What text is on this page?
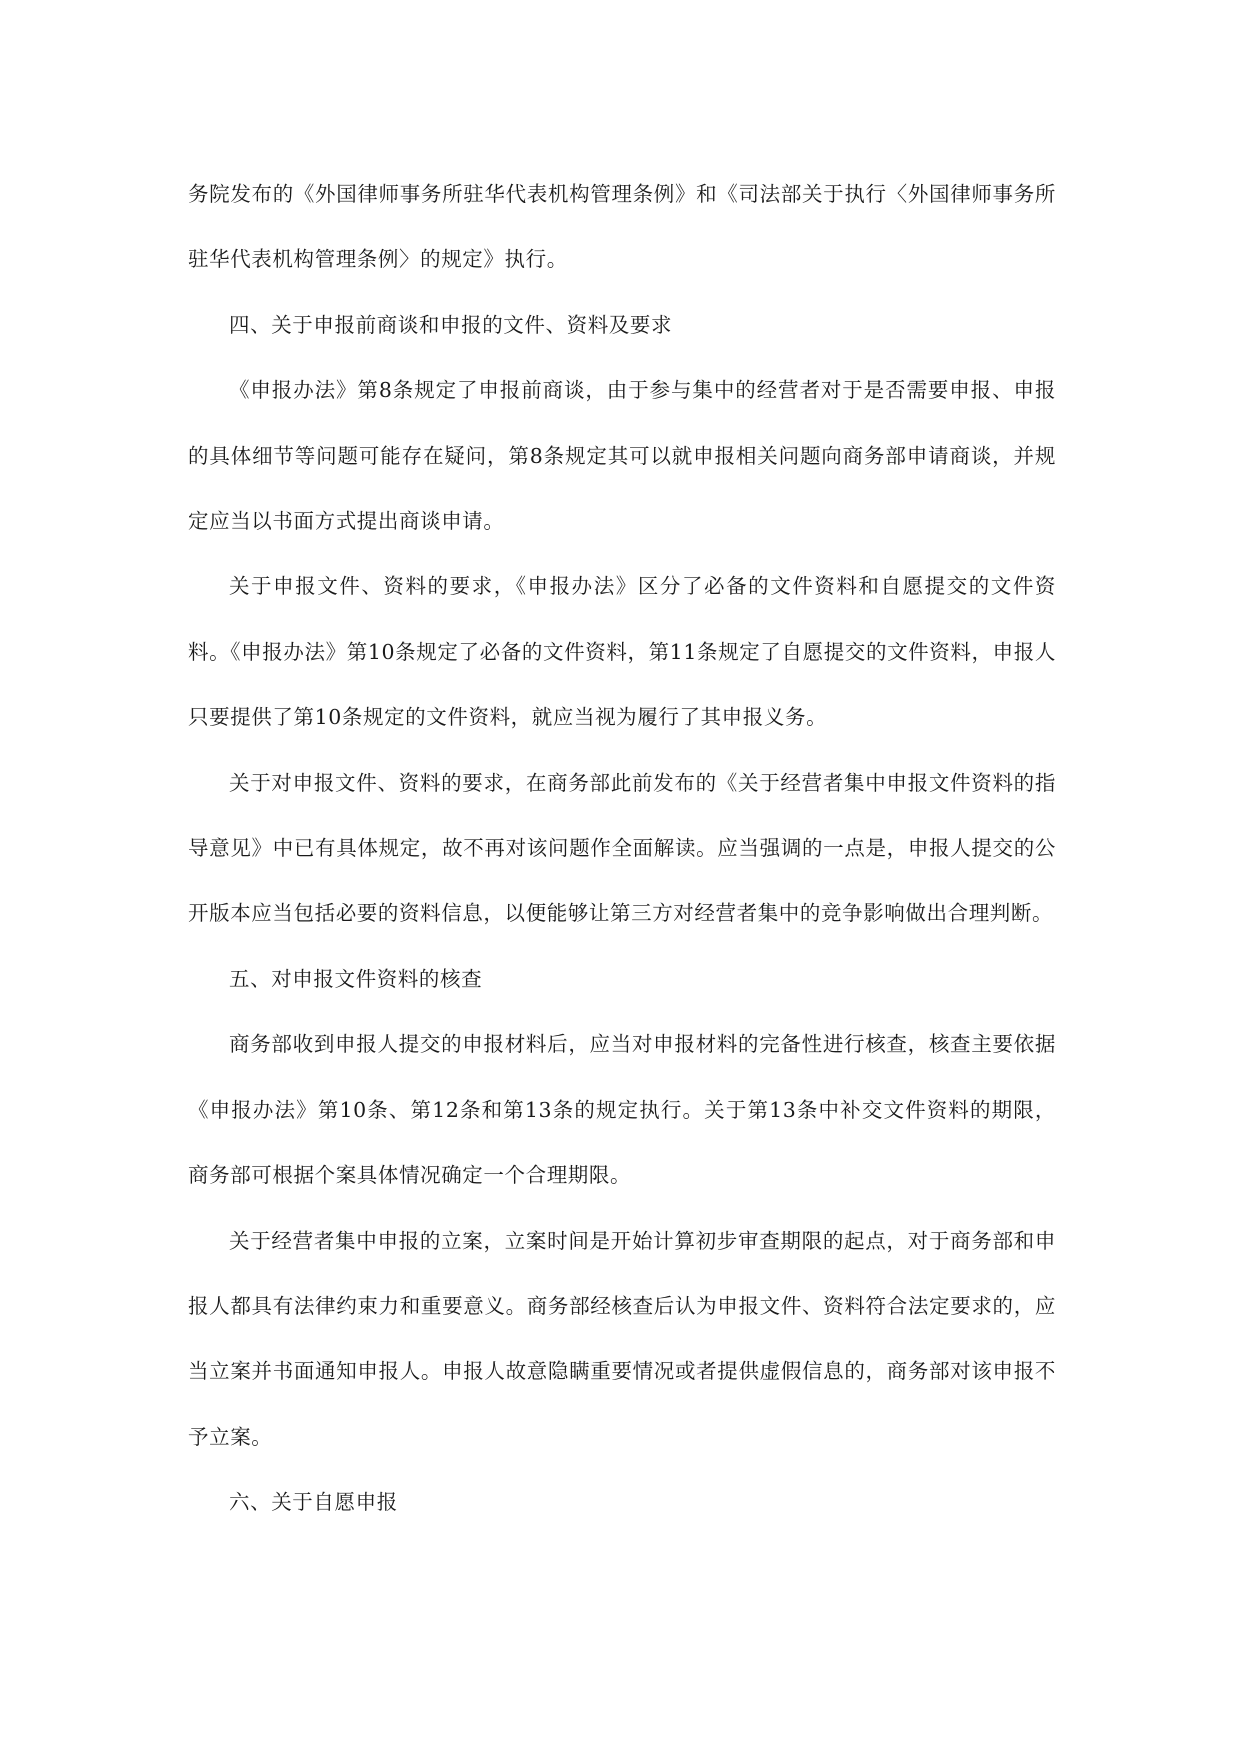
务院发布的《外国律师事务所驻华代表机构管理条例》和《司法部关于执行〈外国律师事务所驻华代表机构管理条例〉的规定》执行。

四、关于申报前商谈和申报的文件、资料及要求

《申报办法》第8条规定了申报前商谈，由于参与集中的经营者对于是否需要申报、申报的具体细节等问题可能存在疑问，第8条规定其可以就申报相关问题向商务部申请商谈，并规定应当以书面方式提出商谈申请。

关于申报文件、资料的要求，《申报办法》区分了必备的文件资料和自愿提交的文件资料。《申报办法》第10条规定了必备的文件资料，第11条规定了自愿提交的文件资料，申报人只要提供了第10条规定的文件资料，就应当视为履行了其申报义务。

关于对申报文件、资料的要求，在商务部此前发布的《关于经营者集中申报文件资料的指导意见》中已有具体规定，故不再对该问题作全面解读。应当强调的一点是，申报人提交的公开版本应当包括必要的资料信息，以便能够让第三方对经营者集中的竞争影响做出合理判断。

五、对申报文件资料的核查

商务部收到申报人提交的申报材料后，应当对申报材料的完备性进行核查，核查主要依据《申报办法》第10条、第12条和第13条的规定执行。关于第13条中补交文件资料的期限，商务部可根据个案具体情况确定一个合理期限。

关于经营者集中申报的立案，立案时间是开始计算初步审查期限的起点，对于商务部和申报人都具有法律约束力和重要意义。商务部经核查后认为申报文件、资料符合法定要求的，应当立案并书面通知申报人。申报人故意隐瞒重要情况或者提供虚假信息的，商务部对该申报不予立案。

六、关于自愿申报
